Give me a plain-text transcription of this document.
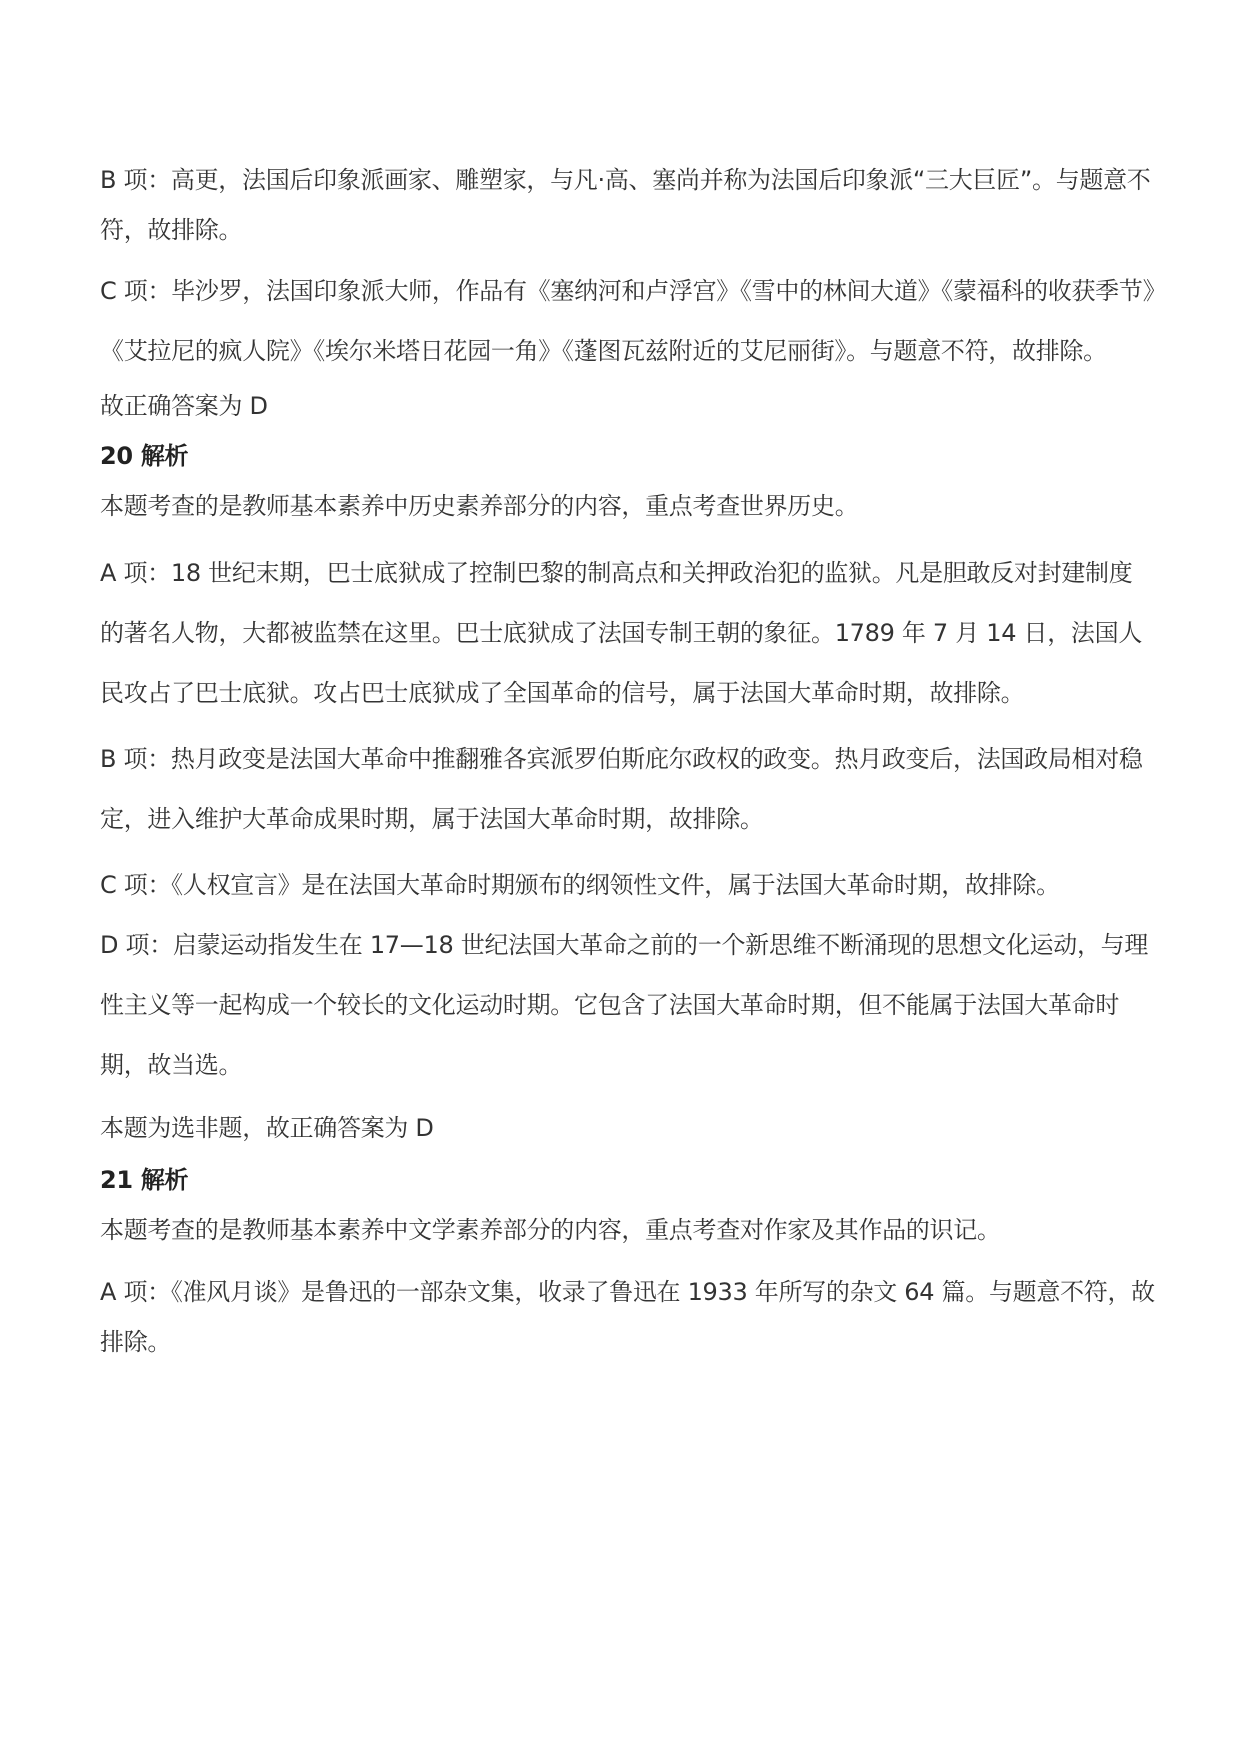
B 项：高更，法国后印象派画家、雕塑家，与凡·高、塞尚并称为法国后印象派“三大巨匠”。与题意不符，故排除。

C 项：毕沙罗，法国印象派大师，作品有《塞纳河和卢浮宫》《雪中的林间大道》《蒙福科的收获季节》《艾拉尼的疯人院》《埃尔米塔日花园一角》《蓬图瓦兹附近的艾尼丽街》。与题意不符，故排除。

故正确答案为 D

20 解析

本题考查的是教师基本素养中历史素养部分的内容，重点考查世界历史。

A 项：18 世纪末期，巴士底狱成了控制巴黎的制高点和关押政治犯的监狱。凡是胆敢反对封建制度的著名人物，大都被监禁在这里。巴士底狱成了法国专制王朝的象征。1789 年 7 月 14 日，法国人民攻占了巴士底狱。攻占巴士底狱成了全国革命的信号，属于法国大革命时期，故排除。

B 项：热月政变是法国大革命中推翻雅各宾派罗伯斯庇尔政权的政变。热月政变后，法国政局相对稳定，进入维护大革命成果时期，属于法国大革命时期，故排除。

C 项：《人权宣言》是在法国大革命时期颁布的纲领性文件，属于法国大革命时期，故排除。

D 项：启蒙运动指发生在 17—18 世纪法国大革命之前的一个新思维不断涌现的思想文化运动，与理性主义等一起构成一个较长的文化运动时期。它包含了法国大革命时期，但不能属于法国大革命时期，故当选。

本题为选非题，故正确答案为 D

21 解析

本题考查的是教师基本素养中文学素养部分的内容，重点考查对作家及其作品的识记。

A 项：《准风月谈》是鲁迅的一部杂文集，收录了鲁迅在 1933 年所写的杂文 64 篇。与题意不符，故排除。
